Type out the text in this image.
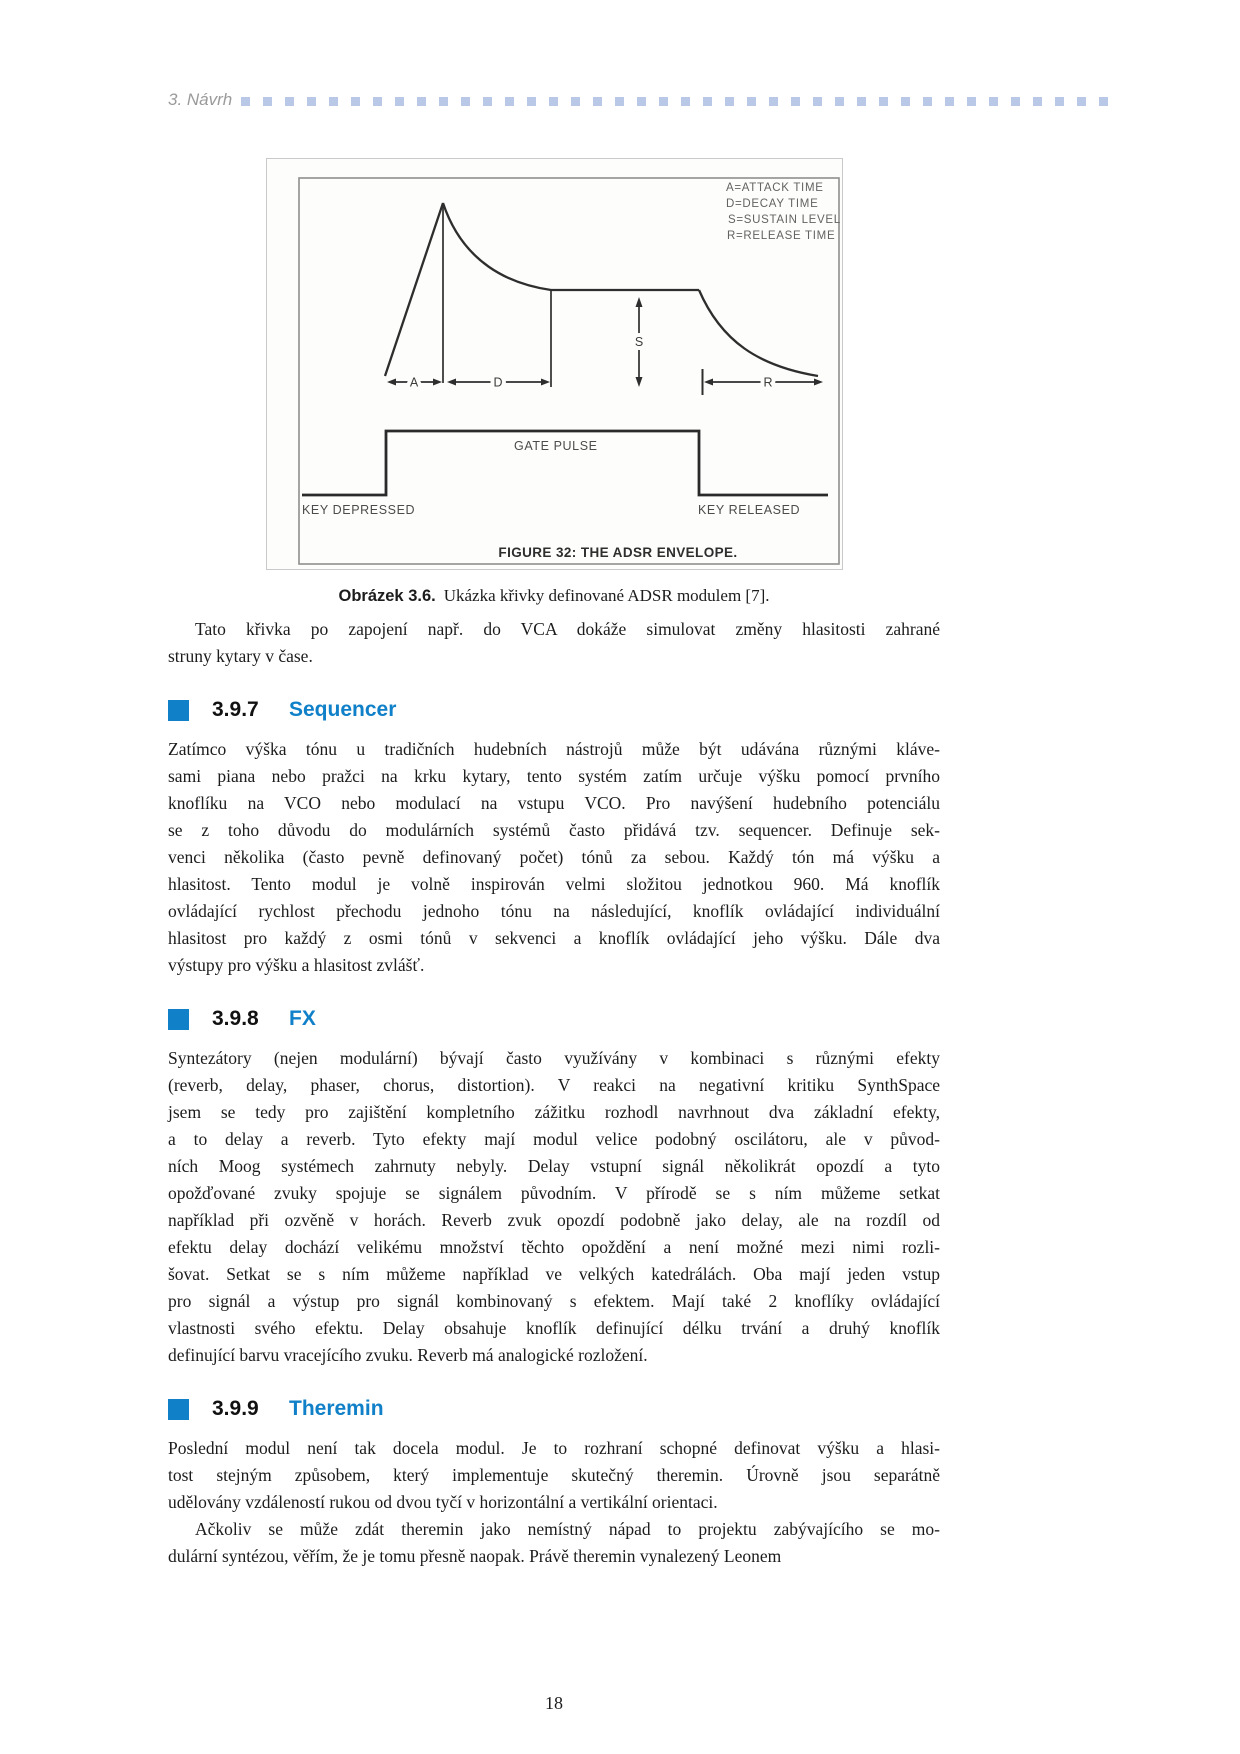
3. Návrh
A	D
S
R
A=ATTACK TIME
D=DECAY TIME
S=SUSTAIN LEVEL
R=RELEASE TIME
GATE PULSE
KEY DEPRESSED	KEY RELEASED
FIGURE 32: THE ADSR ENVELOPE.
Obrázek 3.6. Ukázka křivky definované ADSR modulem [7].
Tato křivka po zapojení např. do VCA dokáže simulovat změny hlasitosti zahrané
struny kytary v čase.
3.9.7	Sequencer
Zatímco výška tónu u tradičních hudebních nástrojů může být udávána různými kláve-
sami piana nebo pražci na krku kytary, tento systém zatím určuje výšku pomocí prvního
knoflíku na VCO nebo modulací na vstupu VCO. Pro navýšení hudebního potenciálu
se z toho důvodu do modulárních systémů často přidává tzv. sequencer. Definuje sek-
venci několika (často pevně definovaný počet) tónů za sebou. Každý tón má výšku a
hlasitost. Tento modul je volně inspirován velmi složitou jednotkou 960. Má knoflík
ovládající rychlost přechodu jednoho tónu na následující, knoflík ovládající individuální
hlasitost pro každý z osmi tónů v sekvenci a knoflík ovládající jeho výšku. Dále dva
výstupy pro výšku a hlasitost zvlášť.
3.9.8	FX
Syntezátory (nejen modulární) bývají často využívány v kombinaci s různými efekty
(reverb, delay, phaser, chorus, distortion). V reakci na negativní kritiku SynthSpace
jsem se tedy pro zajištění kompletního zážitku rozhodl navrhnout dva základní efekty,
a to delay a reverb. Tyto efekty mají modul velice podobný oscilátoru, ale v původ-
ních Moog systémech zahrnuty nebyly. Delay vstupní signál několikrát opozdí a tyto
opožďované zvuky spojuje se signálem původním. V přírodě se s ním můžeme setkat
například při ozvěně v horách. Reverb zvuk opozdí podobně jako delay, ale na rozdíl od
efektu delay dochází velikému množství těchto opoždění a není možné mezi nimi rozli-
šovat. Setkat se s ním můžeme například ve velkých katedrálách. Oba mají jeden vstup
pro signál a výstup pro signál kombinovaný s efektem. Mají také 2 knoflíky ovládající
vlastnosti svého efektu. Delay obsahuje knoflík definující délku trvání a druhý knoflík
definující barvu vracejícího zvuku. Reverb má analogické rozložení.
3.9.9	Theremin
Poslední modul není tak docela modul. Je to rozhraní schopné definovat výšku a hlasi-
tost stejným způsobem, který implementuje skutečný theremin. Úrovně jsou separátně
udělovány vzdáleností rukou od dvou tyčí v horizontální a vertikální orientaci.
Ačkoliv se může zdát theremin jako nemístný nápad to projektu zabývajícího se mo-
dulární syntézou, věřím, že je tomu přesně naopak. Právě theremin vynalezený Leonem
18
